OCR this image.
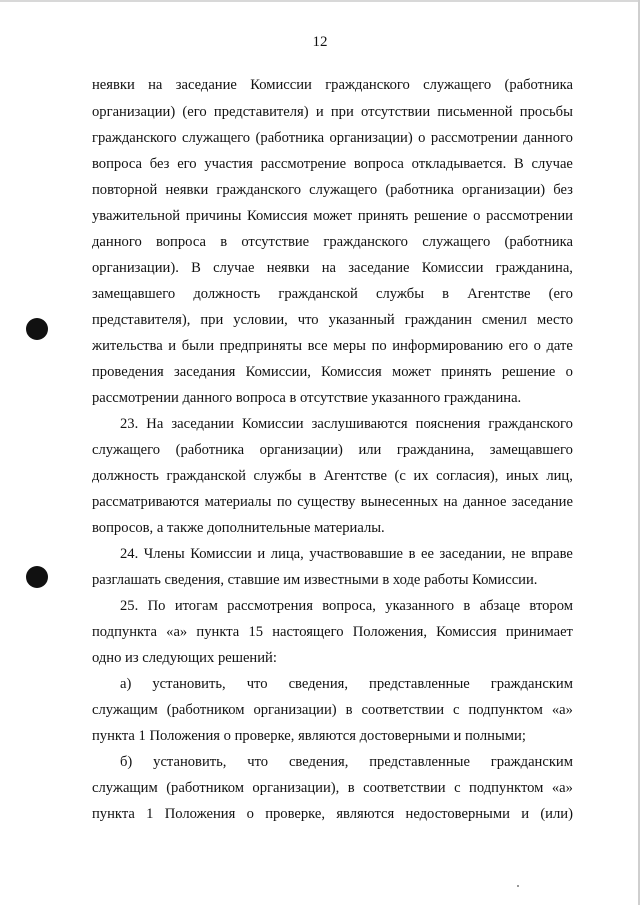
12
неявки на заседание Комиссии гражданского служащего (работника
организации) (его представителя) и при отсутствии письменной просьбы
гражданского служащего (работника организации) о рассмотрении данного
вопроса без его участия рассмотрение вопроса откладывается. В случае
повторной неявки гражданского служащего (работника организации) без
уважительной причины Комиссия может принять решение о рассмотрении
данного вопроса в отсутствие гражданского служащего (работника
организации). В случае неявки на заседание Комиссии гражданина,
замещавшего должность гражданской службы в Агентстве (его
представителя), при условии, что указанный гражданин сменил место
жительства и были предприняты все меры по информированию его о дате
проведения заседания Комиссии, Комиссия может принять решение о
рассмотрении данного вопроса в отсутствие указанного гражданина.
23. На заседании Комиссии заслушиваются пояснения гражданского
служащего (работника организации) или гражданина, замещавшего
должность гражданской службы в Агентстве (с их согласия), иных лиц,
рассматриваются материалы по существу вынесенных на данное заседание
вопросов, а также дополнительные материалы.
24. Члены Комиссии и лица, участвовавшие в ее заседании, не вправе
разглашать сведения, ставшие им известными в ходе работы Комиссии.
25. По итогам рассмотрения вопроса, указанного в абзаце втором
подпункта «а» пункта 15 настоящего Положения, Комиссия принимает
одно из следующих решений:
а) установить, что сведения, представленные гражданским
служащим (работником организации) в соответствии с подпунктом «а»
пункта 1 Положения о проверке, являются достоверными и полными;
б) установить, что сведения, представленные гражданским
служащим (работником организации), в соответствии с подпунктом «а»
пункта 1 Положения о проверке, являются недостоверными и (или)
